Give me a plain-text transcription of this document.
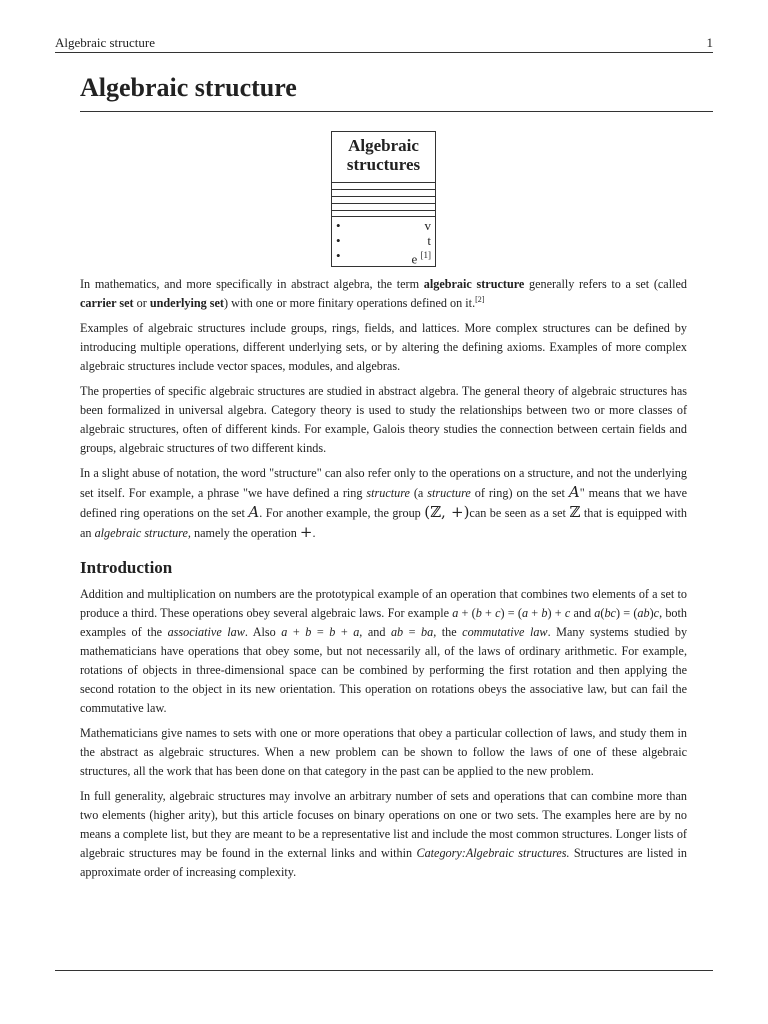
Algebraic structure	1
Algebraic structure
Algebraic structures
•	v
•	t
•	e [1]

In mathematics, and more specifically in abstract algebra, the term algebraic structure generally refers to a set (called carrier set or underlying set) with one or more finitary operations defined on it.[2]

Examples of algebraic structures include groups, rings, fields, and lattices. More complex structures can be defined by introducing multiple operations, different underlying sets, or by altering the defining axioms. Examples of more complex algebraic structures include vector spaces, modules, and algebras.

The properties of specific algebraic structures are studied in abstract algebra. The general theory of algebraic structures has been formalized in universal algebra. Category theory is used to study the relationships between two or more classes of algebraic structures, often of different kinds. For example, Galois theory studies the connection between certain fields and groups, algebraic structures of two different kinds.

In a slight abuse of notation, the word "structure" can also refer only to the operations on a structure, and not the underlying set itself. For example, a phrase "we have defined a ring structure (a structure of ring) on the set A" means that we have defined ring operations on the set A. For another example, the group (ℤ, +)can be seen as a set ℤ that is equipped with an algebraic structure, namely the operation +.

Introduction

Addition and multiplication on numbers are the prototypical example of an operation that combines two elements of a set to produce a third. These operations obey several algebraic laws. For example a + (b + c) = (a + b) + c and a(bc) = (ab)c, both examples of the associative law. Also a + b = b + a, and ab = ba, the commutative law. Many systems studied by mathematicians have operations that obey some, but not necessarily all, of the laws of ordinary arithmetic. For example, rotations of objects in three-dimensional space can be combined by performing the first rotation and then applying the second rotation to the object in its new orientation. This operation on rotations obeys the associative law, but can fail the commutative law.

Mathematicians give names to sets with one or more operations that obey a particular collection of laws, and study them in the abstract as algebraic structures. When a new problem can be shown to follow the laws of one of these algebraic structures, all the work that has been done on that category in the past can be applied to the new problem.

In full generality, algebraic structures may involve an arbitrary number of sets and operations that can combine more than two elements (higher arity), but this article focuses on binary operations on one or two sets. The examples here are by no means a complete list, but they are meant to be a representative list and include the most common structures. Longer lists of algebraic structures may be found in the external links and within Category:Algebraic structures. Structures are listed in approximate order of increasing complexity.
